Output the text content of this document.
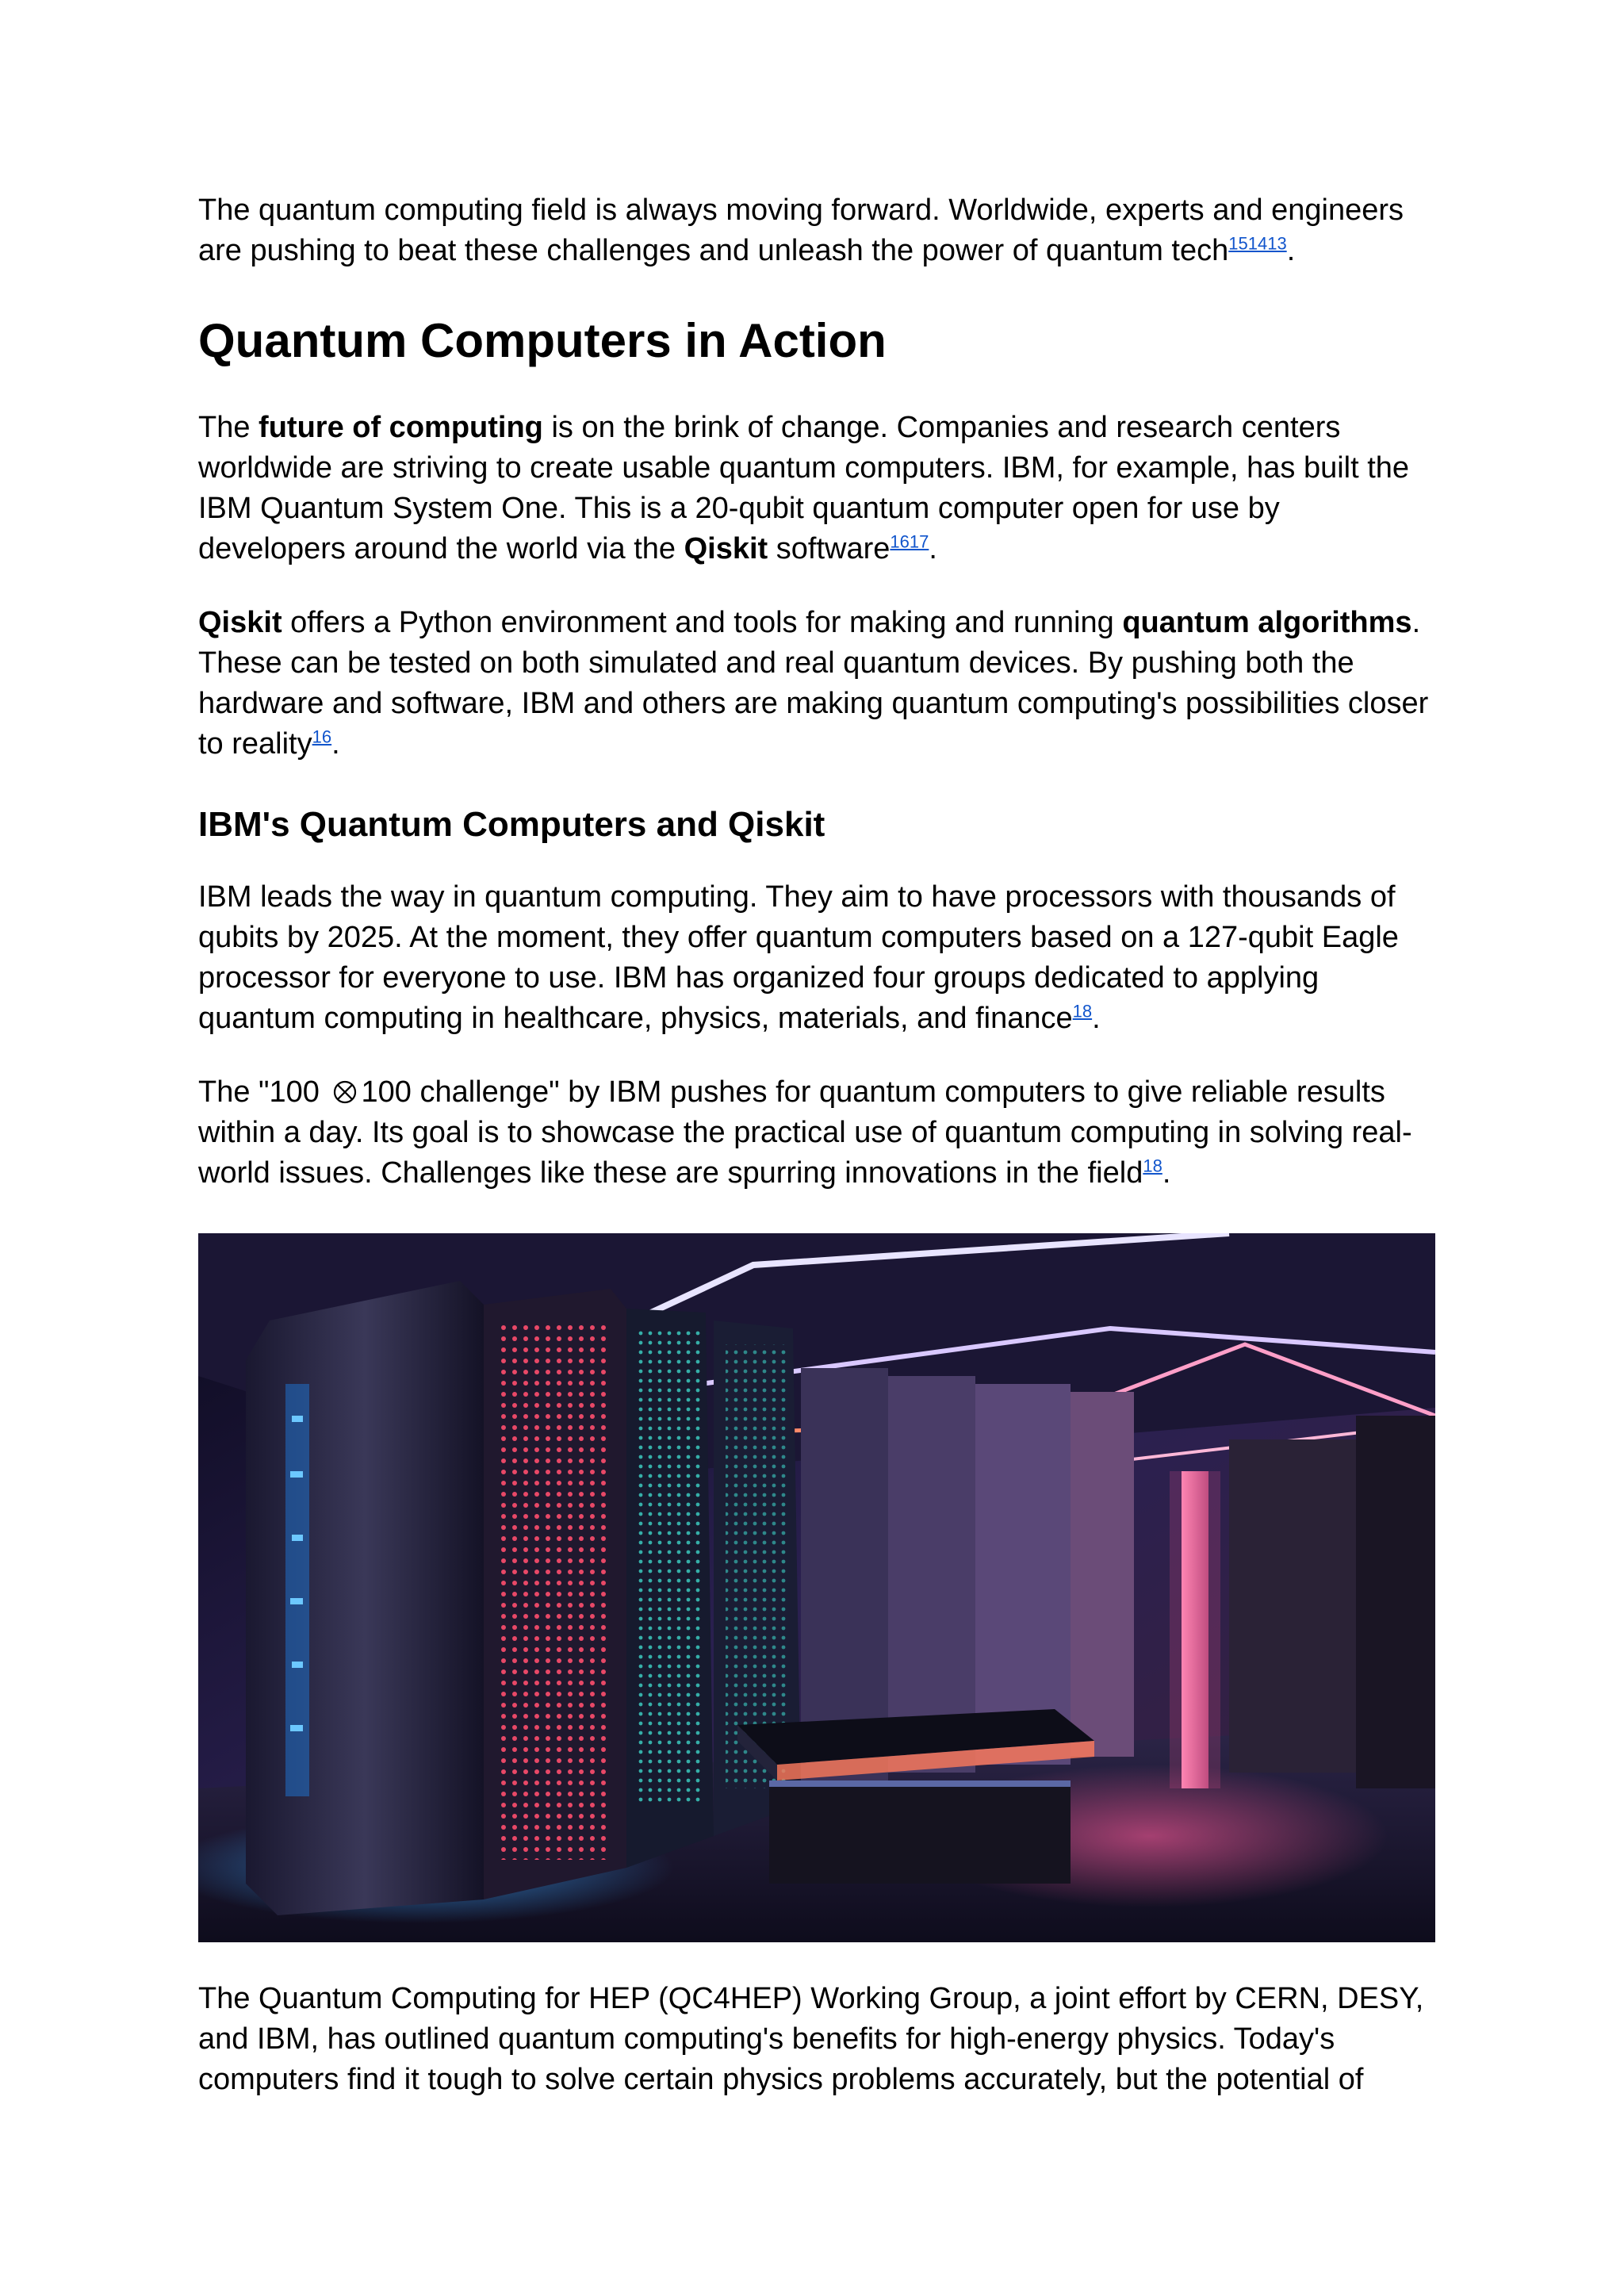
The quantum computing field is always moving forward. Worldwide, experts and engineers are pushing to beat these challenges and unleash the power of quantum tech$^{151413}$.

Quantum Computers in Action

The future of computing is on the brink of change. Companies and research centers worldwide are striving to create usable quantum computers. IBM, for example, has built the IBM Quantum System One. This is a 20-qubit quantum computer open for use by developers around the world via the Qiskit software$^{1617}$.

Qiskit offers a Python environment and tools for making and running quantum algorithms. These can be tested on both simulated and real quantum devices. By pushing both the hardware and software, IBM and others are making quantum computing's possibilities closer to reality$^{16}$.

IBM's Quantum Computers and Qiskit

IBM leads the way in quantum computing. They aim to have processors with thousands of qubits by 2025. At the moment, they offer quantum computers based on a 127-qubit Eagle processor for everyone to use. IBM has organized four groups dedicated to applying quantum computing in healthcare, physics, materials, and finance$^{18}$.

The "100 100 challenge" by IBM pushes for quantum computers to give reliable results within a day. Its goal is to showcase the practical use of quantum computing in solving real-world issues. Challenges like these are spurring innovations in the field$^{18}$.

The Quantum Computing for HEP (QC4HEP) Working Group, a joint effort by CERN, DESY, and IBM, has outlined quantum computing's benefits for high-energy physics. Today's computers find it tough to solve certain physics problems accurately, but the potential of
